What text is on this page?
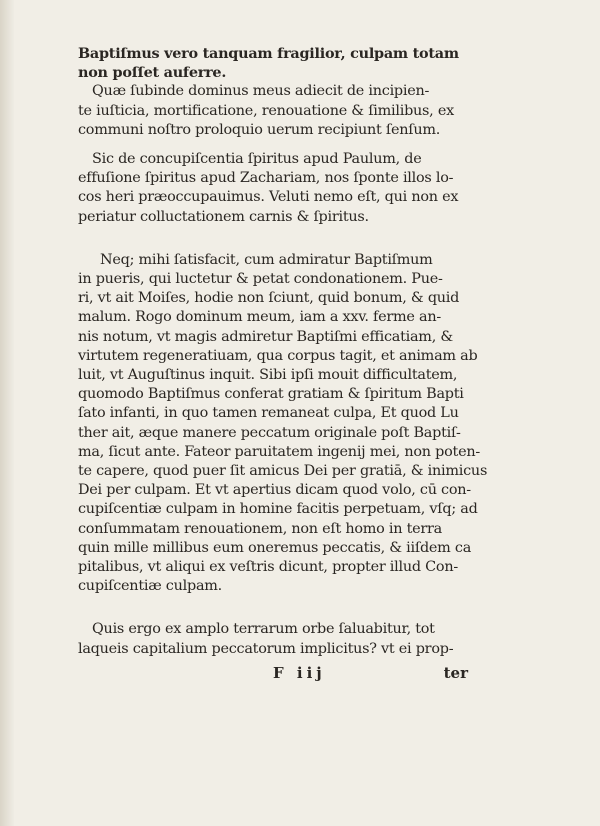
Baptiſmus vero tanquam fragilior, culpam totam
non poſſet auferre.
Quæ ſubinde dominus meus adiecit de incipien-
te iuſticia, mortificatione, renouatione & ſimilibus, ex
communi noſtro proloquio uerum recipiunt ſenſum.
Sic de concupiſcentia ſpiritus apud Paulum, de
effuſione ſpiritus apud Zachariam, nos ſponte illos lo-
cos heri præoccupauimus. Veluti nemo eſt, qui non ex
periatur colluctationem carnis & ſpiritus.
Neq; mihi ſatisfacit, cum admiratur Baptiſmum
in pueris, qui luctetur & petat condonationem. Pue-
ri, vt ait Moiſes, hodie non ſciunt, quid bonum, & quid
malum. Rogo dominum meum, iam a xxv. ferme an-
nis notum, vt magis admiretur Baptiſmi efficatiam, &
virtutem regeneratiuam, qua corpus tagit, et animam ab
luit, vt Auguſtinus inquit. Sibi ipſi mouit difficultatem,
quomodo Baptiſmus conferat gratiam & ſpiritum Bapti
ſato infanti, in quo tamen remaneat culpa, Et quod Lu
ther ait, æque manere peccatum originale poſt Baptiſ-
ma, ſicut ante. Fateor paruitatem ingenij mei, non poten-
te capere, quod puer ſit amicus Dei per gratiā, & inimicus
Dei per culpam. Et vt apertius dicam quod volo, cū con-
cupiſcentiæ culpam in homine facitis perpetuam, vſq; ad
conſummatam renouationem, non eſt homo in terra
quin mille millibus eum oneremus peccatis, & iiſdem ca
pitalibus, vt aliqui ex veſtris dicunt, propter illud Con-
cupiſcentiæ culpam.
Quis ergo ex amplo terrarum orbe ſaluabitur, tot
laqueis capitalium peccatorum implicitus? vt ei prop-
F iij	ter
